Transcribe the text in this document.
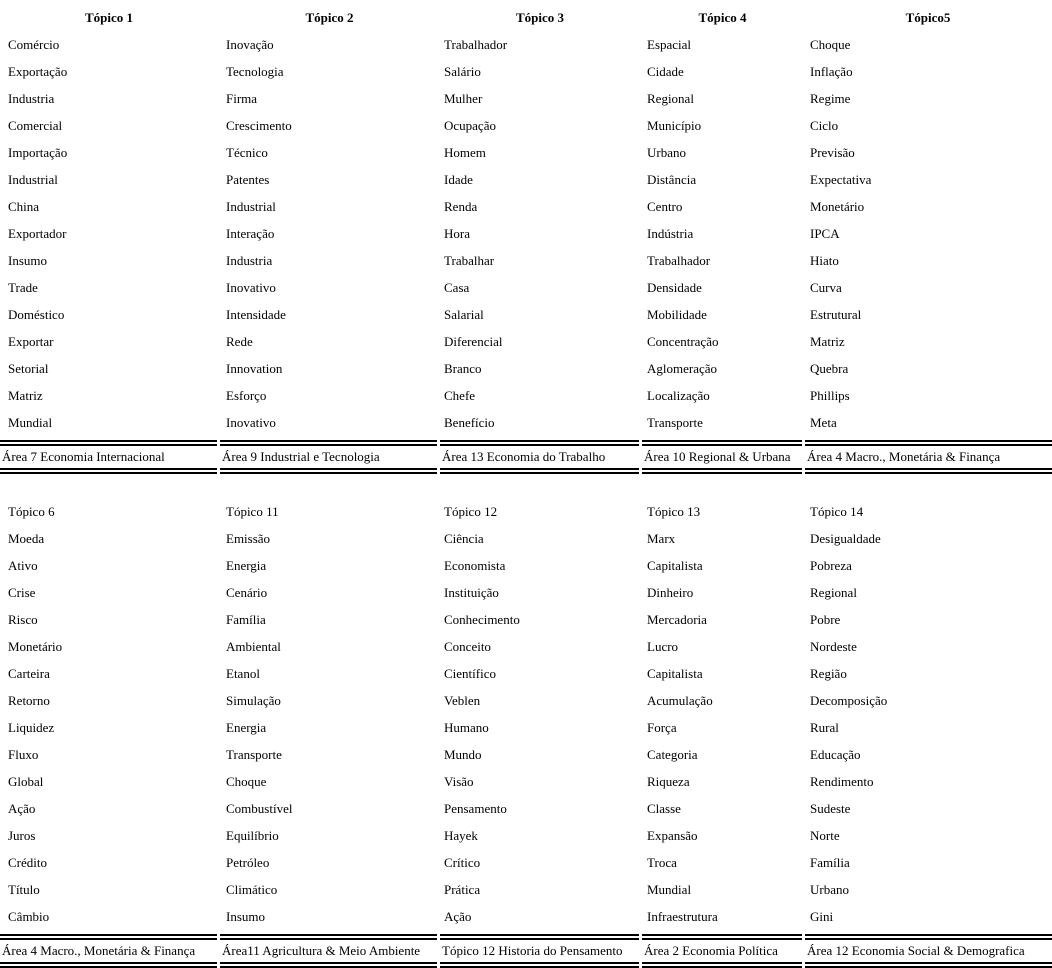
Tópico 1	Tópico 2	Tópico 3	Tópico 4	Tópico5
Comércio	Inovação	Trabalhador	Espacial	Choque
Exportação	Tecnologia	Salário	Cidade	Inflação
Industria	Firma	Mulher	Regional	Regime
Comercial	Crescimento	Ocupação	Município	Ciclo
Importação	Técnico	Homem	Urbano	Previsão
Industrial	Patentes	Idade	Distância	Expectativa
China	Industrial	Renda	Centro	Monetário
Exportador	Interação	Hora	Indústria	IPCA
Insumo	Industria	Trabalhar	Trabalhador	Hiato
Trade	Inovativo	Casa	Densidade	Curva
Doméstico	Intensidade	Salarial	Mobilidade	Estrutural
Exportar	Rede	Diferencial	Concentração	Matriz
Setorial	Innovation	Branco	Aglomeração	Quebra
Matriz	Esforço	Chefe	Localização	Phillips
Mundial	Inovativo	Benefício	Transporte	Meta
Área 7 Economia Internacional	Área 9 Industrial e Tecnologia	Área 13 Economia do Trabalho	Área 10 Regional & Urbana	Área 4 Macro., Monetária & Finança
Tópico 6	Tópico 11	Tópico 12	Tópico 13	Tópico 14
Moeda	Emissão	Ciência	Marx	Desigualdade
Ativo	Energia	Economista	Capitalista	Pobreza
Crise	Cenário	Instituição	Dinheiro	Regional
Risco	Família	Conhecimento	Mercadoria	Pobre
Monetário	Ambiental	Conceito	Lucro	Nordeste
Carteira	Etanol	Científico	Capitalista	Região
Retorno	Simulação	Veblen	Acumulação	Decomposição
Liquidez	Energia	Humano	Força	Rural
Fluxo	Transporte	Mundo	Categoria	Educação
Global	Choque	Visão	Riqueza	Rendimento
Ação	Combustível	Pensamento	Classe	Sudeste
Juros	Equilíbrio	Hayek	Expansão	Norte
Crédito	Petróleo	Crítico	Troca	Família
Título	Climático	Prática	Mundial	Urbano
Câmbio	Insumo	Ação	Infraestrutura	Gini
Área 4 Macro., Monetária & Finança	Área11 Agricultura & Meio Ambiente	Tópico 12 Historia do Pensamento	Área 2 Economia Política	Área 12 Economia Social & Demografica
